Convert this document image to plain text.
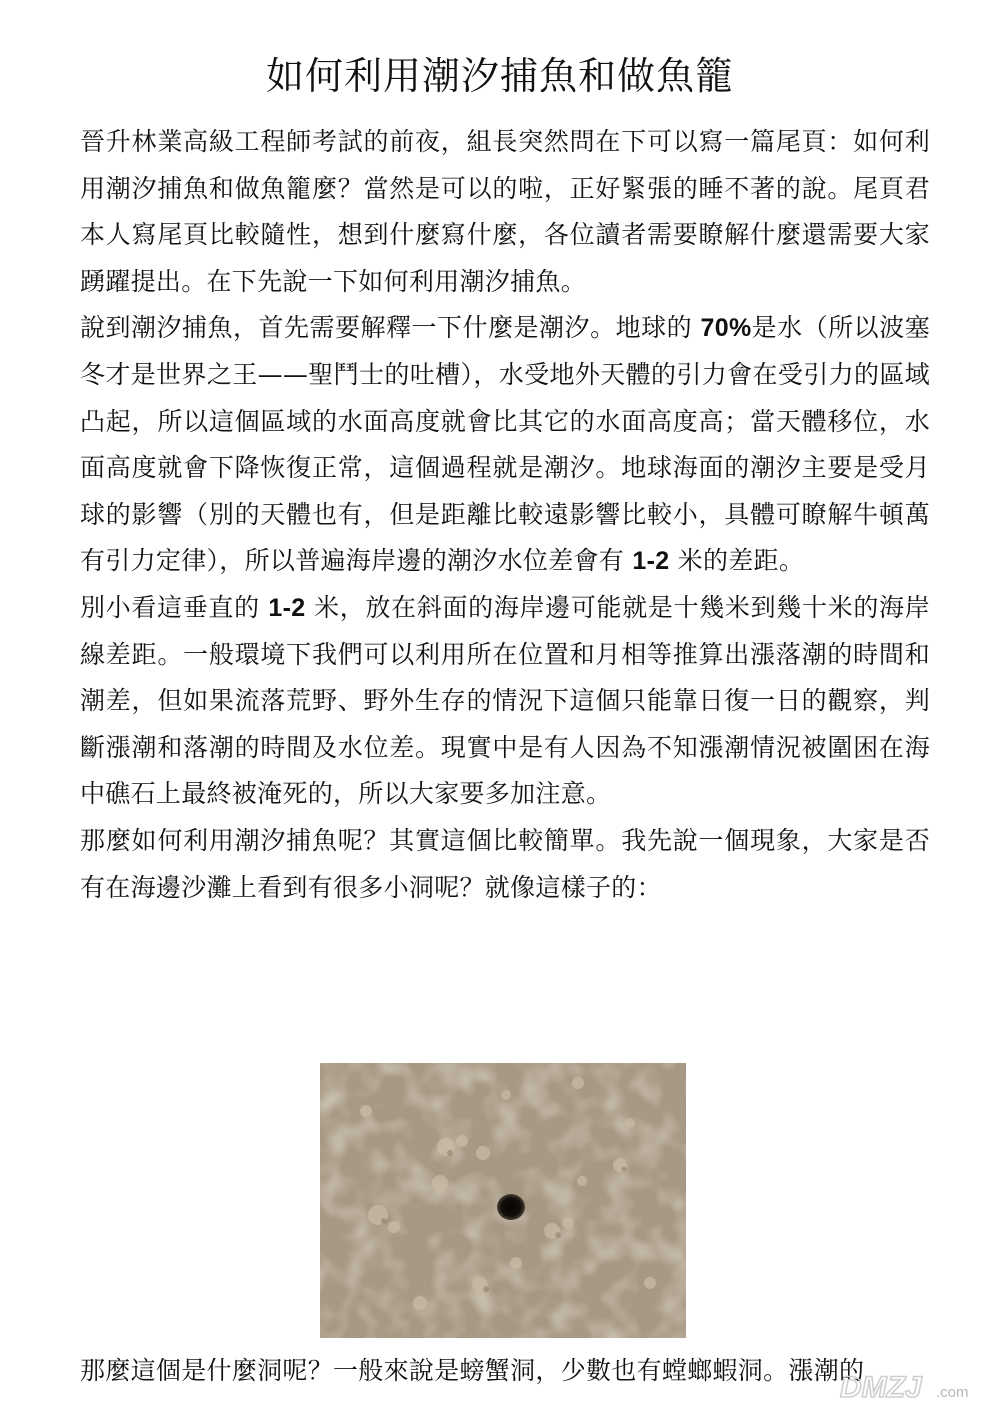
如何利用潮汐捕魚和做魚籠

晉升林業高級工程師考試的前夜，組長突然問在下可以寫一篇尾頁：如何利用潮汐捕魚和做魚籠麼？當然是可以的啦，正好緊張的睡不著的說。尾頁君本人寫尾頁比較隨性，想到什麼寫什麼，各位讀者需要瞭解什麼還需要大家踴躍提出。在下先說一下如何利用潮汐捕魚。

說到潮汐捕魚，首先需要解釋一下什麼是潮汐。地球的 70%是水（所以波塞冬才是世界之王——聖鬥士的吐槽），水受地外天體的引力會在受引力的區域凸起，所以這個區域的水面高度就會比其它的水面高度高；當天體移位，水面高度就會下降恢復正常，這個過程就是潮汐。地球海面的潮汐主要是受月球的影響（別的天體也有，但是距離比較遠影響比較小，具體可瞭解牛頓萬有引力定律），所以普遍海岸邊的潮汐水位差會有 1-2 米的差距。

別小看這垂直的 1-2 米，放在斜面的海岸邊可能就是十幾米到幾十米的海岸線差距。一般環境下我們可以利用所在位置和月相等推算出漲落潮的時間和潮差，但如果流落荒野、野外生存的情況下這個只能靠日復一日的觀察，判斷漲潮和落潮的時間及水位差。現實中是有人因為不知漲潮情況被圍困在海中礁石上最終被淹死的，所以大家要多加注意。

那麼如何利用潮汐捕魚呢？其實這個比較簡單。我先說一個現象，大家是否有在海邊沙灘上看到有很多小洞呢？就像這樣子的：

那麼這個是什麼洞呢？一般來說是螃蟹洞，少數也有螳螂蝦洞。漲潮的

DMZJ .com
